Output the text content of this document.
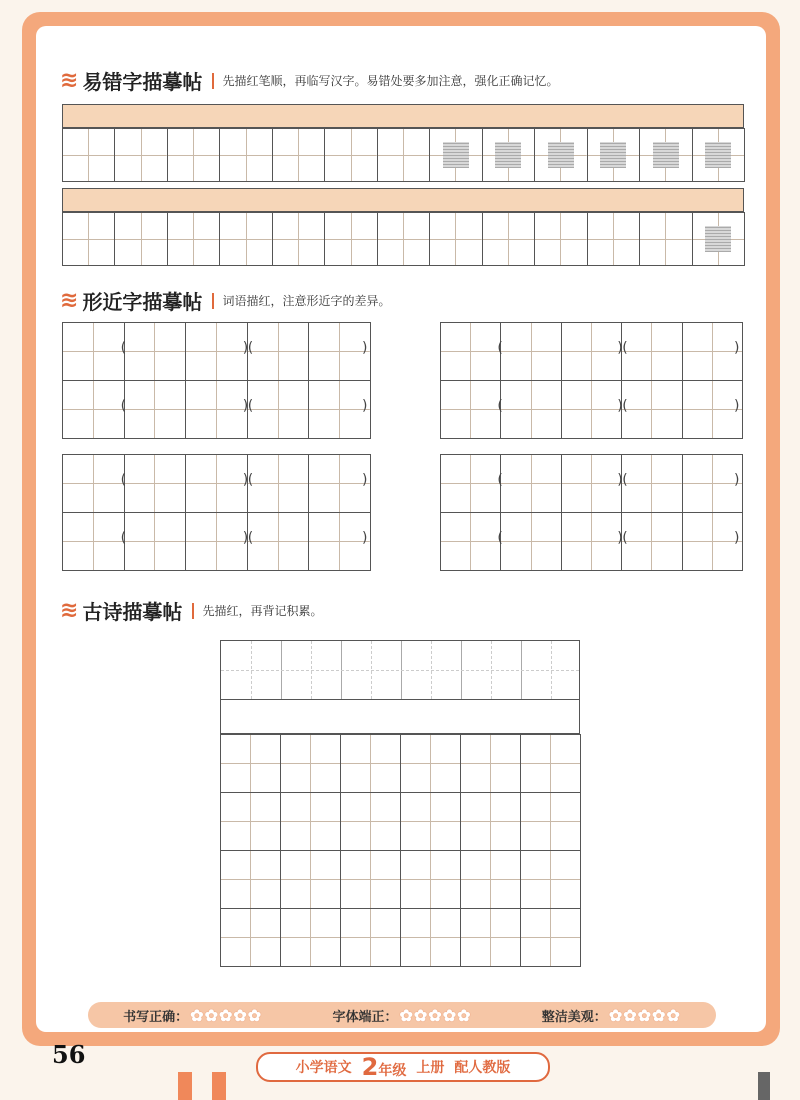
≋ 易错字描摹帖 先描红笔顺，再临写汉字。易错处要多加注意，强化正确记忆。
≋ 形近字描摹帖 词语描红，注意形近字的差异。
(	) (	)
(	) (	)
(	) (	)
(	) (	)
(	) (	)
(	) (	)
(	) (	)
(	) (	)
≋ 古诗描摹帖 先描红，再背记积累。
书写正确： ✿✿✿✿✿	字体端正： ✿✿✿✿✿	整洁美观： ✿✿✿✿✿
56	小学语文 2年级 上册 配人教版
